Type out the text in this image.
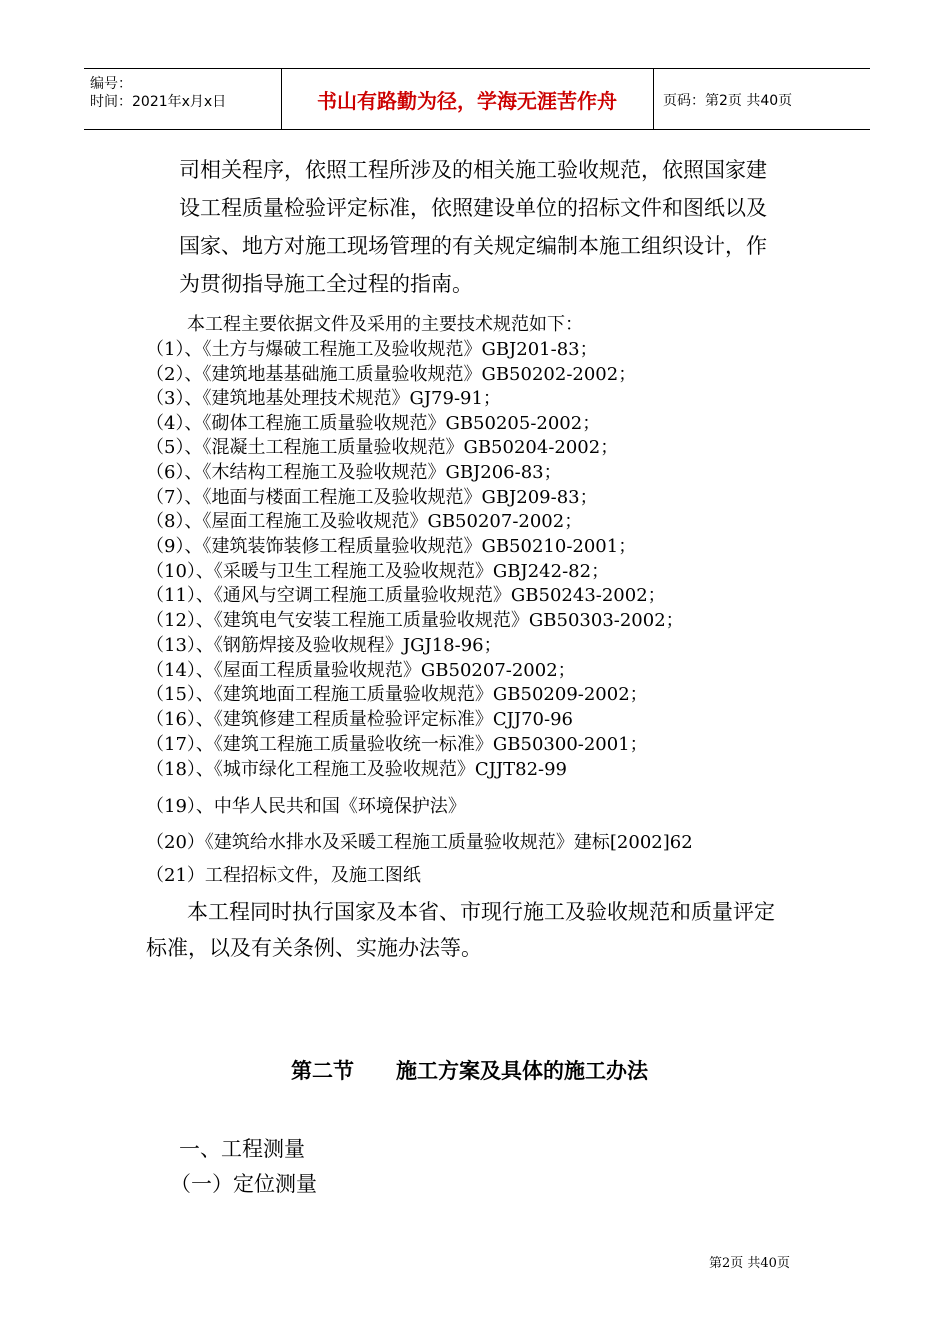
编号：
时间：2021年x月x日	书山有路勤为径，学海无涯苦作舟	页码：第2页 共40页
司相关程序，依照工程所涉及的相关施工验收规范，依照国家建
设工程质量检验评定标准，依照建设单位的招标文件和图纸以及
国家、地方对施工现场管理的有关规定编制本施工组织设计，作
为贯彻指导施工全过程的指南。
本工程主要依据文件及采用的主要技术规范如下：
（1）、《土方与爆破工程施工及验收规范》GBJ201-83；
（2）、《建筑地基基础施工质量验收规范》GB50202-2002；
（3）、《建筑地基处理技术规范》GJ79-91；
（4）、《砌体工程施工质量验收规范》GB50205-2002；
（5）、《混凝土工程施工质量验收规范》GB50204-2002；
（6）、《木结构工程施工及验收规范》GBJ206-83；
（7）、《地面与楼面工程施工及验收规范》GBJ209-83；
（8）、《屋面工程施工及验收规范》GB50207-2002；
（9）、《建筑装饰装修工程质量验收规范》GB50210-2001；
（10）、《采暖与卫生工程施工及验收规范》GBJ242-82；
（11）、《通风与空调工程施工质量验收规范》GB50243-2002；
（12）、《建筑电气安装工程施工质量验收规范》GB50303-2002；
（13）、《钢筋焊接及验收规程》JGJ18-96；
（14）、《屋面工程质量验收规范》GB50207-2002；
（15）、《建筑地面工程施工质量验收规范》GB50209-2002；
（16）、《建筑修建工程质量检验评定标准》CJJ70-96
（17）、《建筑工程施工质量验收统一标准》GB50300-2001；
（18）、《城市绿化工程施工及验收规范》CJJT82-99
（19）、中华人民共和国《环境保护法》
（20）《建筑给水排水及采暖工程施工质量验收规范》建标[2002]62
（21）工程招标文件，及施工图纸
本工程同时执行国家及本省、市现行施工及验收规范和质量评定
标准，以及有关条例、实施办法等。
第二节　　施工方案及具体的施工办法
一、工程测量
（一）定位测量
第2页 共40页
